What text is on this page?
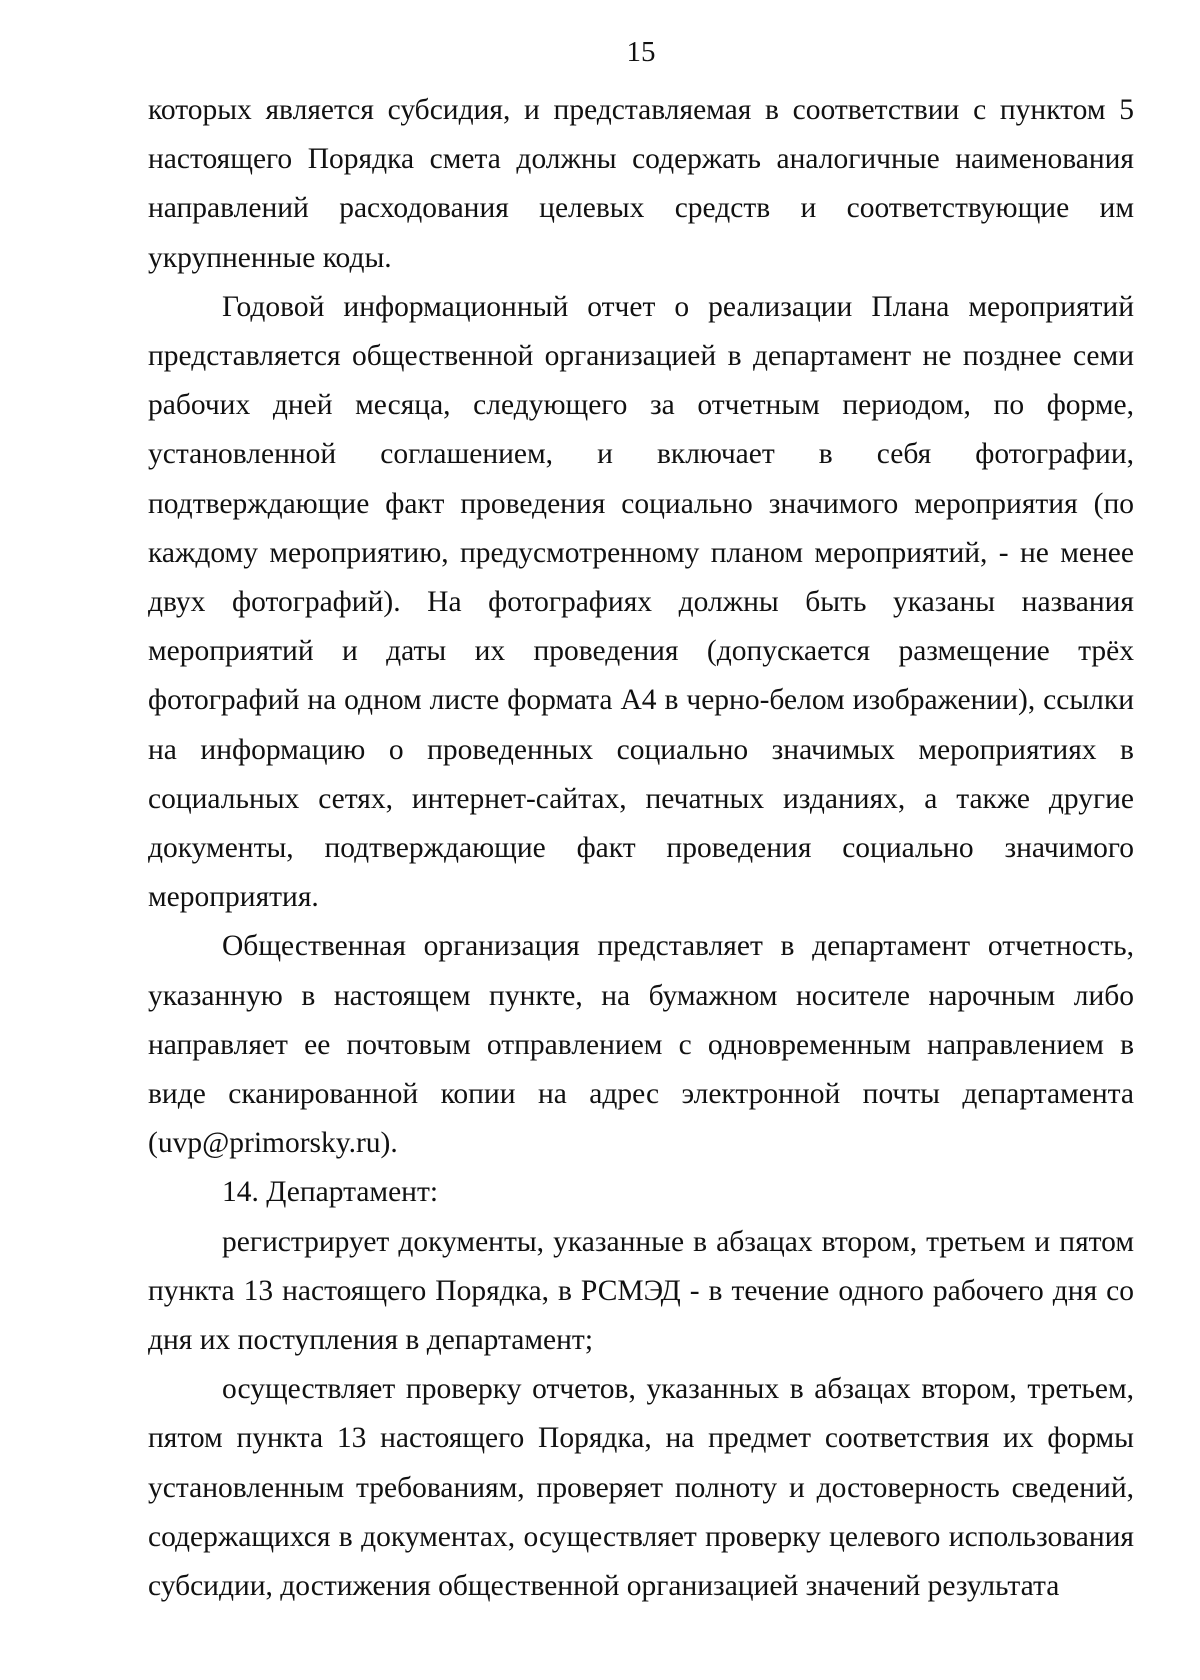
15

которых является субсидия, и представляемая в соответствии с пунктом 5 настоящего Порядка смета должны содержать аналогичные наименования направлений расходования целевых средств и соответствующие им укрупненные коды.

Годовой информационный отчет о реализации Плана мероприятий представляется общественной организацией в департамент не позднее семи рабочих дней месяца, следующего за отчетным периодом, по форме, установленной соглашением, и включает в себя фотографии, подтверждающие факт проведения социально значимого мероприятия (по каждому мероприятию, предусмотренному планом мероприятий, - не менее двух фотографий). На фотографиях должны быть указаны названия мероприятий и даты их проведения (допускается размещение трёх фотографий на одном листе формата А4 в черно-белом изображении), ссылки на информацию о проведенных социально значимых мероприятиях в социальных сетях, интернет-сайтах, печатных изданиях, а также другие документы, подтверждающие факт проведения социально значимого мероприятия.

Общественная организация представляет в департамент отчетность, указанную в настоящем пункте, на бумажном носителе нарочным либо направляет ее почтовым отправлением с одновременным направлением в виде сканированной копии на адрес электронной почты департамента (uvp@primorsky.ru).

14. Департамент:

регистрирует документы, указанные в абзацах втором, третьем и пятом пункта 13 настоящего Порядка, в РСМЭД - в течение одного рабочего дня со дня их поступления в департамент;

осуществляет проверку отчетов, указанных в абзацах втором, третьем, пятом пункта 13 настоящего Порядка, на предмет соответствия их формы установленным требованиям, проверяет полноту и достоверность сведений, содержащихся в документах, осуществляет проверку целевого использования субсидии, достижения общественной организацией значений результата
